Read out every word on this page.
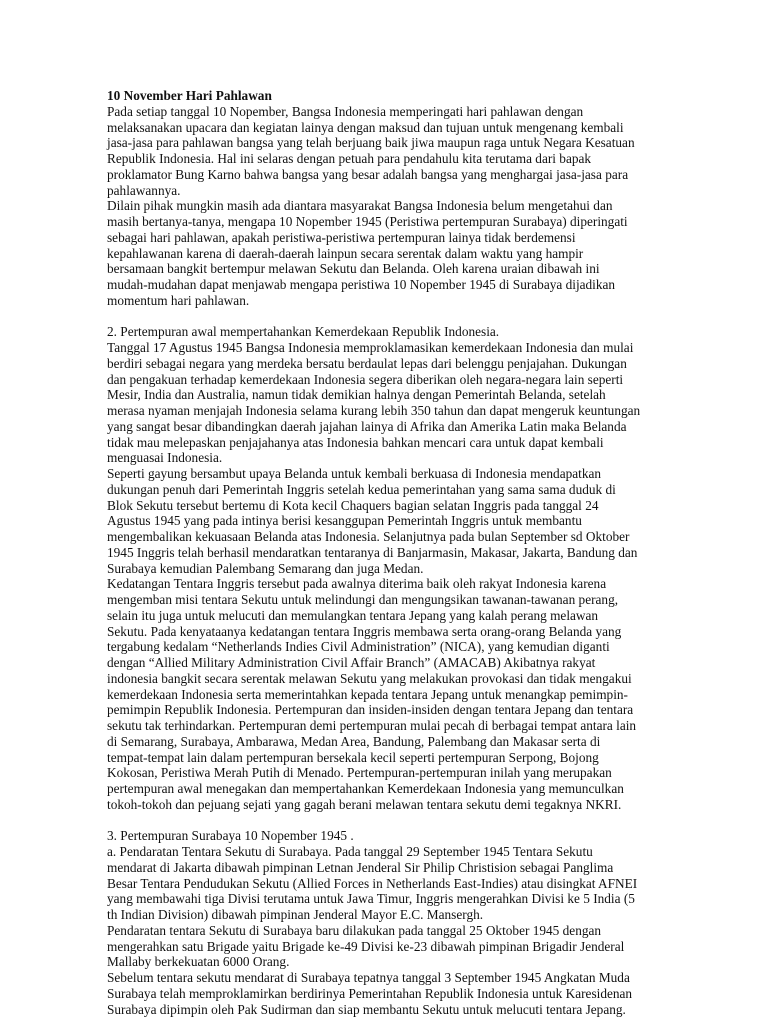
10 November Hari Pahlawan
Pada setiap tanggal 10 Nopember, Bangsa Indonesia memperingati hari pahlawan dengan
melaksanakan upacara dan kegiatan lainya dengan maksud dan tujuan untuk mengenang kembali
jasa-jasa para pahlawan bangsa yang telah berjuang baik jiwa maupun raga untuk Negara Kesatuan
Republik Indonesia. Hal ini selaras dengan petuah para pendahulu kita terutama dari bapak
proklamator Bung Karno bahwa bangsa yang besar adalah bangsa yang menghargai jasa-jasa para
pahlawannya.
Dilain pihak mungkin masih ada diantara masyarakat Bangsa Indonesia belum mengetahui dan
masih bertanya-tanya, mengapa 10 Nopember 1945 (Peristiwa pertempuran Surabaya) diperingati
sebagai hari pahlawan, apakah peristiwa-peristiwa pertempuran lainya tidak berdemensi
kepahlawanan karena di daerah-daerah lainpun secara serentak dalam waktu yang hampir
bersamaan bangkit bertempur melawan Sekutu dan Belanda. Oleh karena uraian dibawah ini
mudah-mudahan dapat menjawab mengapa peristiwa 10 Nopember 1945 di Surabaya dijadikan
momentum hari pahlawan.
2. Pertempuran awal mempertahankan Kemerdekaan Republik Indonesia.
Tanggal 17 Agustus 1945 Bangsa Indonesia memproklamasikan kemerdekaan Indonesia dan mulai
berdiri sebagai negara yang merdeka bersatu berdaulat lepas dari belenggu penjajahan. Dukungan
dan pengakuan terhadap kemerdekaan Indonesia segera diberikan oleh negara-negara lain seperti
Mesir, India dan Australia, namun tidak demikian halnya dengan Pemerintah Belanda, setelah
merasa nyaman menjajah Indonesia selama kurang lebih 350 tahun dan dapat mengeruk keuntungan
yang sangat besar dibandingkan daerah jajahan lainya di Afrika dan Amerika Latin maka Belanda
tidak mau melepaskan penjajahanya atas Indonesia bahkan mencari cara untuk dapat kembali
menguasai Indonesia.
Seperti gayung bersambut upaya Belanda untuk kembali berkuasa di Indonesia mendapatkan
dukungan penuh dari Pemerintah Inggris setelah kedua pemerintahan yang sama sama duduk di
Blok Sekutu tersebut bertemu di Kota kecil Chaquers bagian selatan Inggris pada tanggal 24
Agustus 1945 yang pada intinya berisi kesanggupan Pemerintah Inggris untuk membantu
mengembalikan kekuasaan Belanda atas Indonesia. Selanjutnya pada bulan September sd Oktober
1945 Inggris telah berhasil mendaratkan tentaranya di Banjarmasin, Makasar, Jakarta, Bandung dan
Surabaya kemudian Palembang Semarang dan juga Medan.
Kedatangan Tentara Inggris tersebut pada awalnya diterima baik oleh rakyat Indonesia karena
mengemban misi tentara Sekutu untuk melindungi dan mengungsikan tawanan-tawanan perang,
selain itu juga untuk melucuti dan memulangkan tentara Jepang yang kalah perang melawan
Sekutu. Pada kenyataanya kedatangan tentara Inggris membawa serta orang-orang Belanda yang
tergabung kedalam “Netherlands Indies Civil Administration” (NICA), yang kemudian diganti
dengan “Allied Military Administration Civil Affair Branch” (AMACAB) Akibatnya rakyat
indonesia bangkit secara serentak melawan Sekutu yang melakukan provokasi dan tidak mengakui
kemerdekaan Indonesia serta memerintahkan kepada tentara Jepang untuk menangkap pemimpin-
pemimpin Republik Indonesia. Pertempuran dan insiden-insiden dengan tentara Jepang dan tentara
sekutu tak terhindarkan. Pertempuran demi pertempuran mulai pecah di berbagai tempat antara lain
di Semarang, Surabaya, Ambarawa, Medan Area, Bandung, Palembang dan Makasar serta di
tempat-tempat lain dalam pertempuran bersekala kecil seperti pertempuran Serpong, Bojong
Kokosan, Peristiwa Merah Putih di Menado. Pertempuran-pertempuran inilah yang merupakan
pertempuran awal menegakan dan mempertahankan Kemerdekaan Indonesia yang memunculkan
tokoh-tokoh dan pejuang sejati yang gagah berani melawan tentara sekutu demi tegaknya NKRI.
3. Pertempuran Surabaya 10 Nopember 1945 .
a. Pendaratan Tentara Sekutu di Surabaya. Pada tanggal 29 September 1945 Tentara Sekutu
mendarat di Jakarta dibawah pimpinan Letnan Jenderal Sir Philip Christision sebagai Panglima
Besar Tentara Pendudukan Sekutu (Allied Forces in Netherlands East-Indies) atau disingkat AFNEI
yang membawahi tiga Divisi terutama untuk Jawa Timur, Inggris mengerahkan Divisi ke 5 India (5
th Indian Division) dibawah pimpinan Jenderal Mayor E.C. Mansergh.
Pendaratan tentara Sekutu di Surabaya baru dilakukan pada tanggal 25 Oktober 1945 dengan
mengerahkan satu Brigade yaitu Brigade ke-49 Divisi ke-23 dibawah pimpinan Brigadir Jenderal
Mallaby berkekuatan 6000 Orang.
Sebelum tentara sekutu mendarat di Surabaya tepatnya tanggal 3 September 1945 Angkatan Muda
Surabaya telah memproklamirkan berdirinya Pemerintahan Republik Indonesia untuk Karesidenan
Surabaya dipimpin oleh Pak Sudirman dan siap membantu Sekutu untuk melucuti tentara Jepang.
